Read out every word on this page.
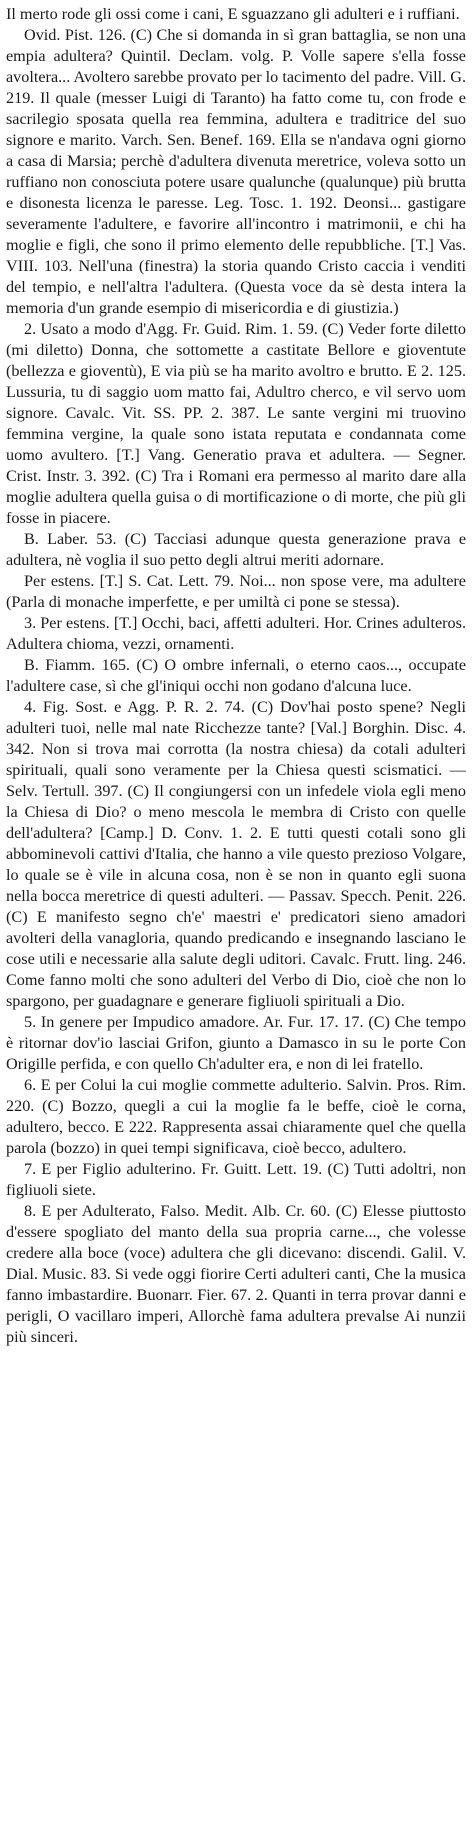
Il merto rode gli ossi come i cani, E sguazzano gli adulteri e i ruffiani.

Ovid. Pist. 126. (C) Che si domanda in sì gran battaglia, se non una empia adultera? Quintil. Declam. volg. P. Volle sapere s'ella fosse avoltera... Avoltero sarebbe provato per lo tacimento del padre. Vill. G. 219. Il quale (messer Luigi di Taranto) ha fatto come tu, con frode e sacrilegio sposata quella rea femmina, adultera e traditrice del suo signore e marito. Varch. Sen. Benef. 169. Ella se n'andava ogni giorno a casa di Marsia; perchè d'adultera divenuta meretrice, voleva sotto un ruffiano non conosciuta potere usare qualunche (qualunque) più brutta e disonesta licenza le paresse. Leg. Tosc. 1. 192. Deonsi... gastigare severamente l'adultere, e favorire all'incontro i matrimonii, e chi ha moglie e figli, che sono il primo elemento delle repubbliche. [T.] Vas. VIII. 103. Nell'una (finestra) la storia quando Cristo caccia i venditi del tempio, e nell'altra l'adultera. (Questa voce da sè desta intera la memoria d'un grande esempio di misericordia e di giustizia.)

2. Usato a modo d'Agg. Fr. Guid. Rim. 1. 59. (C) Veder forte diletto (mi diletto) Donna, che sottomette a castitate Bellore e gioventute (bellezza e gioventù), E via più se ha marito avoltro e brutto. E 2. 125. Lussuria, tu di saggio uom matto fai, Adultro cherco, e vil servo uom signore. Cavalc. Vit. SS. PP. 2. 387. Le sante vergini mi truovino femmina vergine, la quale sono istata reputata e condannata come uomo avultero. [T.] Vang. Generatio prava et adultera. — Segner. Crist. Instr. 3. 392. (C) Tra i Romani era permesso al marito dare alla moglie adultera quella guisa o di mortificazione o di morte, che più gli fosse in piacere.

B. Laber. 53. (C) Tacciasi adunque questa generazione prava e adultera, nè voglia il suo petto degli altrui meriti adornare.

Per estens. [T.] S. Cat. Lett. 79. Noi... non spose vere, ma adultere (Parla di monache imperfette, e per umiltà ci pone se stessa).

3. Per estens. [T.] Occhi, baci, affetti adulteri. Hor. Crines adulteros. Adultera chioma, vezzi, ornamenti.

B. Fiamm. 165. (C) O ombre infernali, o eterno caos..., occupate l'adultere case, sì che gl'iniqui occhi non godano d'alcuna luce.

4. Fig. Sost. e Agg. P. R. 2. 74. (C) Dov'hai posto spene? Negli adulteri tuoi, nelle mal nate Ricchezze tante? [Val.] Borghin. Disc. 4. 342. Non si trova mai corrotta (la nostra chiesa) da cotali adulteri spirituali, quali sono veramente per la Chiesa questi scismatici. — Selv. Tertull. 397. (C) Il congiungersi con un infedele viola egli meno la Chiesa di Dio? o meno mescola le membra di Cristo con quelle dell'adultera? [Camp.] D. Conv. 1. 2. E tutti questi cotali sono gli abbominevoli cattivi d'Italia, che hanno a vile questo prezioso Volgare, lo quale se è vile in alcuna cosa, non è se non in quanto egli suona nella bocca meretrice di questi adulteri. — Passav. Specch. Penit. 226. (C) E manifesto segno ch'e' maestri e' predicatori sieno amadori avolteri della vanagloria, quando predicando e insegnando lasciano le cose utili e necessarie alla salute degli uditori. Cavalc. Frutt. ling. 246. Come fanno molti che sono adulteri del Verbo di Dio, cioè che non lo spargono, per guadagnare e generare figliuoli spirituali a Dio.

5. In genere per Impudico amadore. Ar. Fur. 17. 17. (C) Che tempo è ritornar dov'io lasciai Grifon, giunto a Damasco in su le porte Con Origille perfida, e con quello Ch'adulter era, e non di lei fratello.

6. E per Colui la cui moglie commette adulterio. Salvin. Pros. Rim. 220. (C) Bozzo, quegli a cui la moglie fa le beffe, cioè le corna, adultero, becco. E 222. Rappresenta assai chiaramente quel che quella parola (bozzo) in quei tempi significava, cioè becco, adultero.

7. E per Figlio adulterino. Fr. Guitt. Lett. 19. (C) Tutti adoltri, non figliuoli siete.

8. E per Adulterato, Falso. Medit. Alb. Cr. 60. (C) Elesse piuttosto d'essere spogliato del manto della sua propria carne..., che volesse credere alla boce (voce) adultera che gli dicevano: discendi. Galil. V. Dial. Music. 83. Si vede oggi fiorire Certi adulteri canti, Che la musica fanno imbastardire. Buonarr. Fier. 67. 2. Quanti in terra provar danni e perigli, O vacillaro imperi, Allorchè fama adultera prevalse Ai nunzii più sinceri.
